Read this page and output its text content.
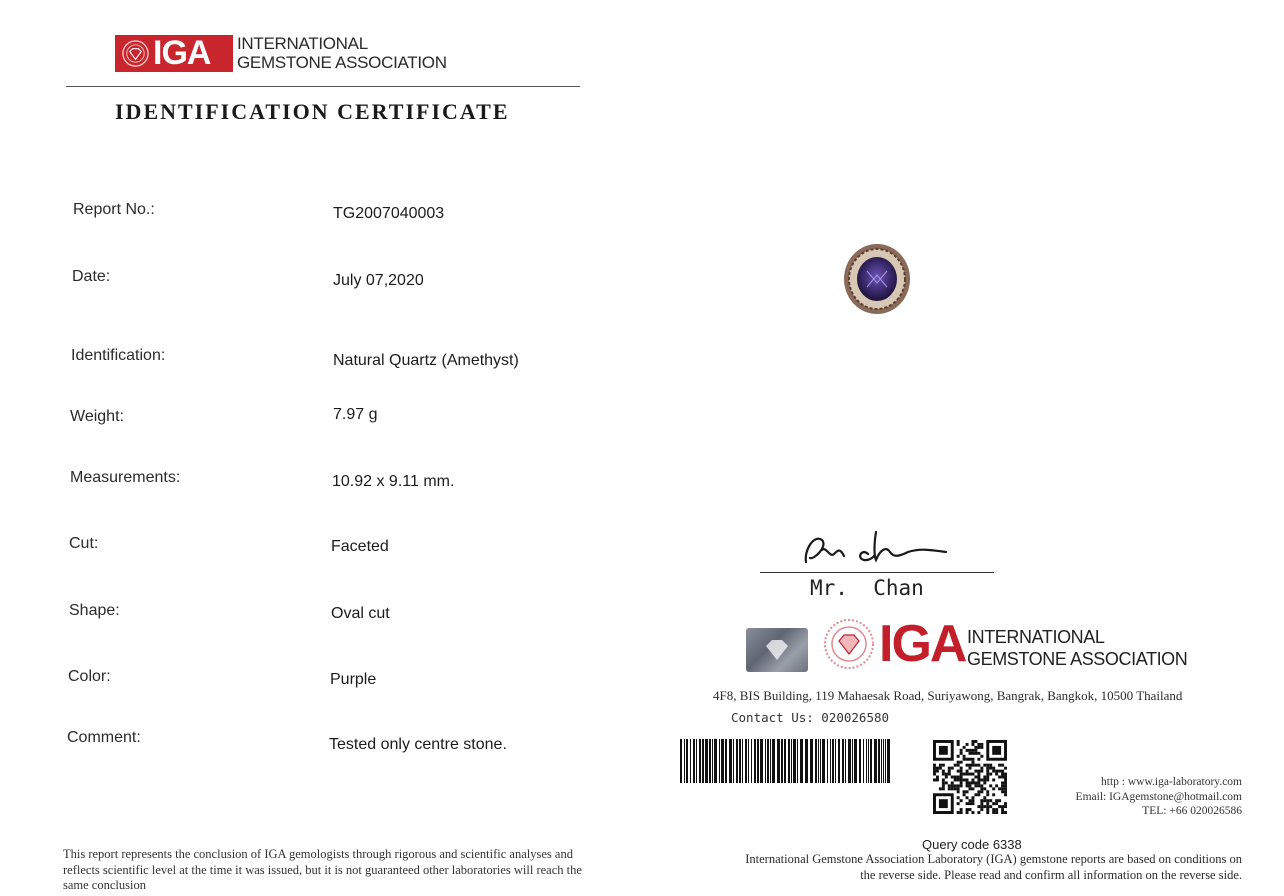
IGA INTERNATIONAL
GEMSTONE ASSOCIATION
IDENTIFICATION CERTIFICATE
Report No.:	TG2007040003
Date:	July 07,2020
Identification:	Natural Quartz (Amethyst)
Weight:	7.97 g
Measurements:	10.92 x 9.11 mm.
Cut:	Faceted
Shape:	Oval cut
Color:	Purple
Comment:	Tested only centre stone.
This report represents the conclusion of IGA gemologists through rigorous and scientific analyses and reflects scientific level at the time it was issued, but it is not guaranteed other laboratories will reach the same conclusion
Mr.  Chan
IGA INTERNATIONAL
GEMSTONE ASSOCIATION
4F8, BIS Building, 119 Mahaesak Road, Suriyawong, Bangrak, Bangkok, 10500 Thailand
Contact Us: 020026580
http : www.iga-laboratory.com
Email: IGAgemstone@hotmail.com
TEL: +66 020026586
Query code 6338
International Gemstone Association Laboratory (IGA) gemstone reports are based on conditions on the reverse side. Please read and confirm all information on the reverse side.
